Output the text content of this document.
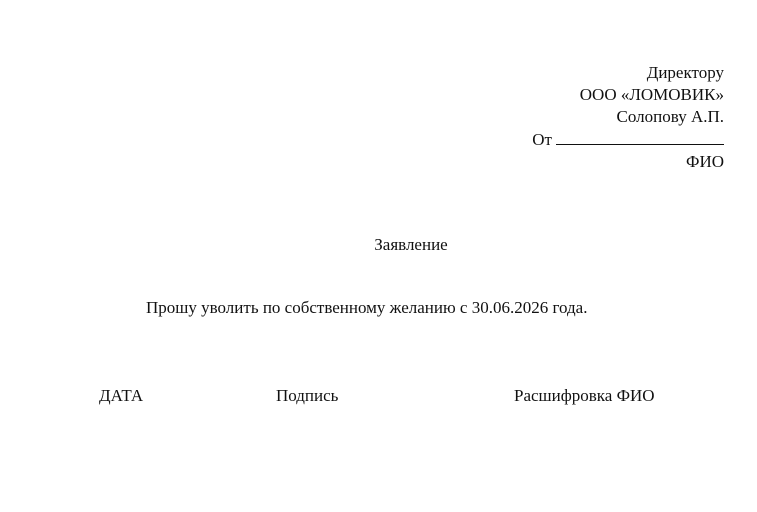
Директору
ООО «ЛОМОВИК»
Солопову А.П.
От
ФИО
Заявление
Прошу уволить по собственному желанию с 30.06.2026 года.
ДАТА	Подпись	Расшифровка ФИО
